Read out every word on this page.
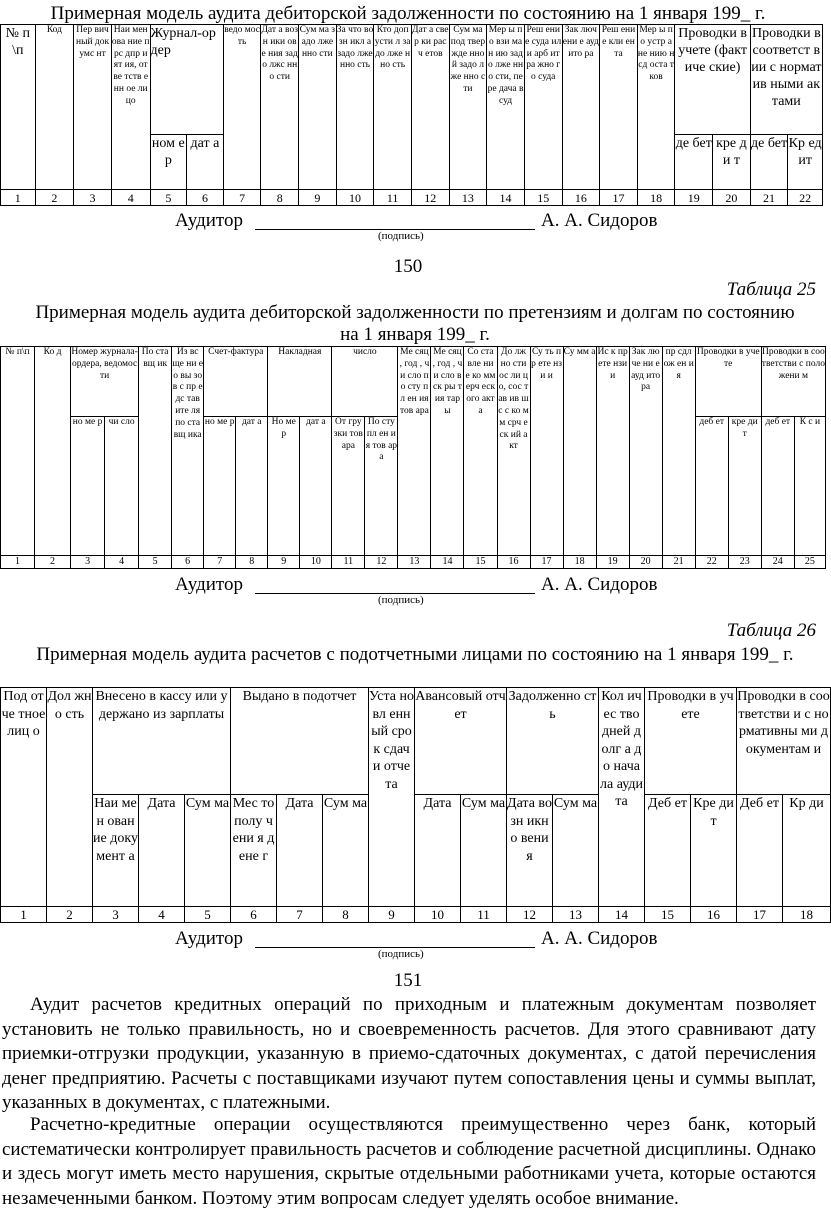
Примерная модель аудита дебиторской задолженности по состоянию на 1 января 199_ г.
№ п\п	Код	Пер вич ный док умс нт	Наи мен ова ние прс дпр ият ия, отве тств енн ое лицо	Журнал-ордер		ведо мос ть	Дат а возн ики ове ния задо лжс нно сти	Сум ма задо лже нно сти	За что возн икл а задо лже нно сть	Кто доп усти л задо лже нно сть	Дат а свер ки расч етов	Сум ма под твер жде нно й задо лже нно сти	Мер ы по взи ман ию задо лже нно сти, пере дача в суд	Реш ени е суда или арб итра жно го суда	Зак люч ени е ауд ито ра	Реш ени е кли ента	Мер ы по устр ане нию нсд оста тков	Проводки в учете (фактиче ские)		Проводки в соответст вии с норматив ными актами	
				ном ер	дат а													де бет	кре ди т	де бет	Кр ед ит
1	2	3	4	5	6	7	8	9	10	11	12	13	14	15	16	17	18	19	20	21	22
Аудитор	А. А. Сидоров
(подпись)
150
Таблица 25
Примерная модель аудита дебиторской задолженности по претензиям и долгам по состоянию на 1 января 199_ г.
№ п\п	Ко д	Номер журнала-ордера, ведомости		По ста вщ ик	Из вс ще ни е о вы зов с пр едс тав ите ля по ста вщ ика	Счет-фактура		Накладная		число		Ме сяц , год , чи сло по сту пл ен ия тов ара	Ме сяц , год , чи сло вск ры тия тар ы	Со ста вле ни е ко мм ерч еск ого акт а	До лж но сти ос ли цо, сос тав ив шс с ко мм срч еск ий акт	Су ть пр ете нзи и	Су мм а	Ис к пр ете нзи и	Зак лю че ни е ауд ито ра	пр сдл ож ен ия	Проводки в учете		Проводки в соответстви с положени м	
		но ме р	чи сло			но ме р	дат а	Но ме р	дат а	От гру зки тов ара	По сту пл ен ия тов ара										деб ет	кре ди т	деб ет	К с и
1	2	3	4	5	6	7	8	9	10	11	12	13	14	15	16	17	18	19	20	21	22	23	24	25
Аудитор	А. А. Сидоров
(подпись)
Таблица 26
Примерная модель аудита расчетов с подотчетными лицами по состоянию на 1 января 199_ г.
Под отче тное лиц о	Дол жно сть	Внесено в кассу или удержано из зарплаты			Выдано в подотчет			Уста новл енн ый срок сдач и отче та	Авансовый отчет		Задолженно сть		Кол ичес тво дней долг а до нача ла ауди та	Проводки в учете		Проводки в соответстви и с нормативны ми документам и	
		Наи мен ован ие доку мент а	Дата	Сум ма	Мес то полу чени я дене г	Дата	Сум ма		Дата	Сум ма	Дата возн икно вени я	Сум ма		Деб ет	Кре дит	Деб ет	Кр ди
1	2	3	4	5	6	7	8	9	10	11	12	13	14	15	16	17	18
Аудитор	А. А. Сидоров
(подпись)
151
Аудит расчетов кредитных операций по приходным и платежным документам позволяет установить не только правильность, но и своевременность расчетов. Для этого сравнивают дату приемки-отгрузки продукции, указанную в приемо-сдаточных документах, с датой перечисления денег предприятию. Расчеты с поставщиками изучают путем сопоставления цены и суммы выплат, указанных в документах, с платежными.
Расчетно-кредитные операции осуществляются преимущественно через банк, который систематически контролирует правильность расчетов и соблюдение расчетной дисциплины. Однако и здесь могут иметь место нарушения, скрытые отдельными работниками учета, которые остаются незамеченными банком. Поэтому этим вопросам следует уделять особое внимание.
